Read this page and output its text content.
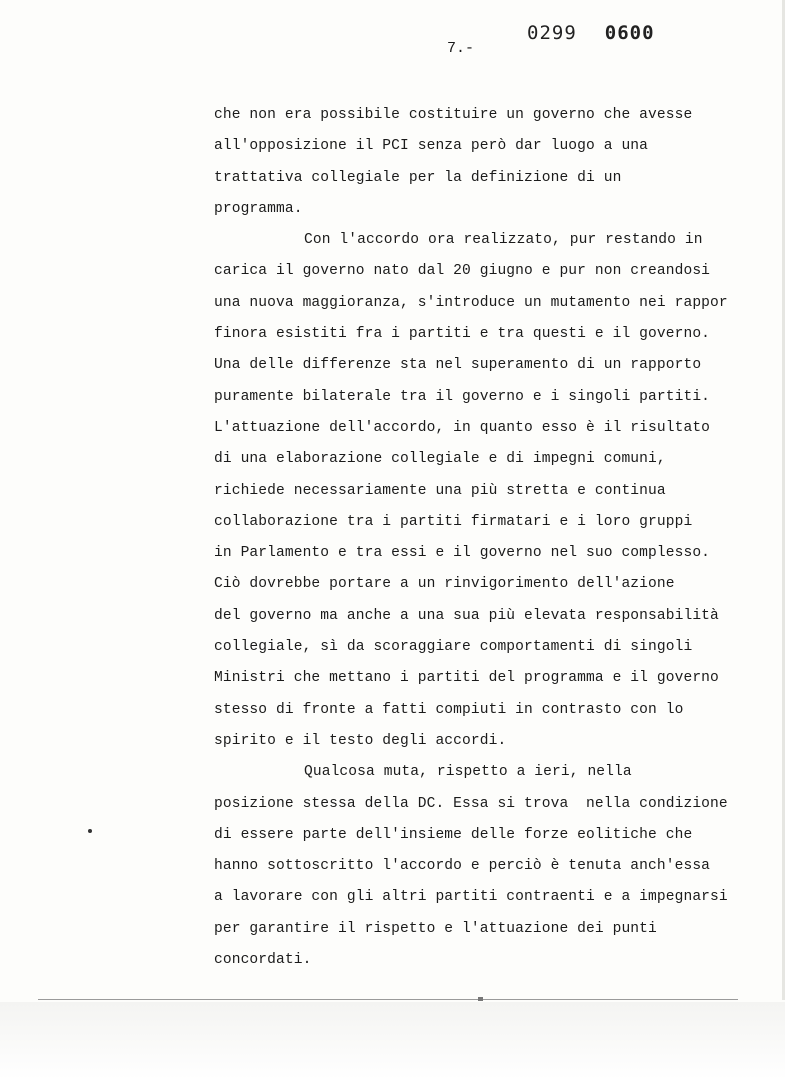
0299 0600
7.-
che non era possibile costituire un governo che avesse
all'opposizione il PCI senza però dar luogo a una
trattativa collegiale per la definizione di un
programma.
Con l'accordo ora realizzato, pur restando in
carica il governo nato dal 20 giugno e pur non creandosi
una nuova maggioranza, s'introduce un mutamento nei rappor
finora esistiti fra i partiti e tra questi e il governo.
Una delle differenze sta nel superamento di un rapporto
puramente bilaterale tra il governo e i singoli partiti.
L'attuazione dell'accordo, in quanto esso è il risultato
di una elaborazione collegiale e di impegni comuni,
richiede necessariamente una più stretta e continua
collaborazione tra i partiti firmatari e i loro gruppi
in Parlamento e tra essi e il governo nel suo complesso.
Ciò dovrebbe portare a un rinvigorimento dell'azione
del governo ma anche a una sua più elevata responsabilità
collegiale, sì da scoraggiare comportamenti di singoli
Ministri che mettano i partiti del programma e il governo
stesso di fronte a fatti compiuti in contrasto con lo
spirito e il testo degli accordi.
Qualcosa muta, rispetto a ieri, nella
posizione stessa della DC. Essa si trova  nella condizione
di essere parte dell'insieme delle forze eolitiche che
hanno sottoscritto l'accordo e perciò è tenuta anch'essa
a lavorare con gli altri partiti contraenti e a impegnarsi
per garantire il rispetto e l'attuazione dei punti
concordati.
